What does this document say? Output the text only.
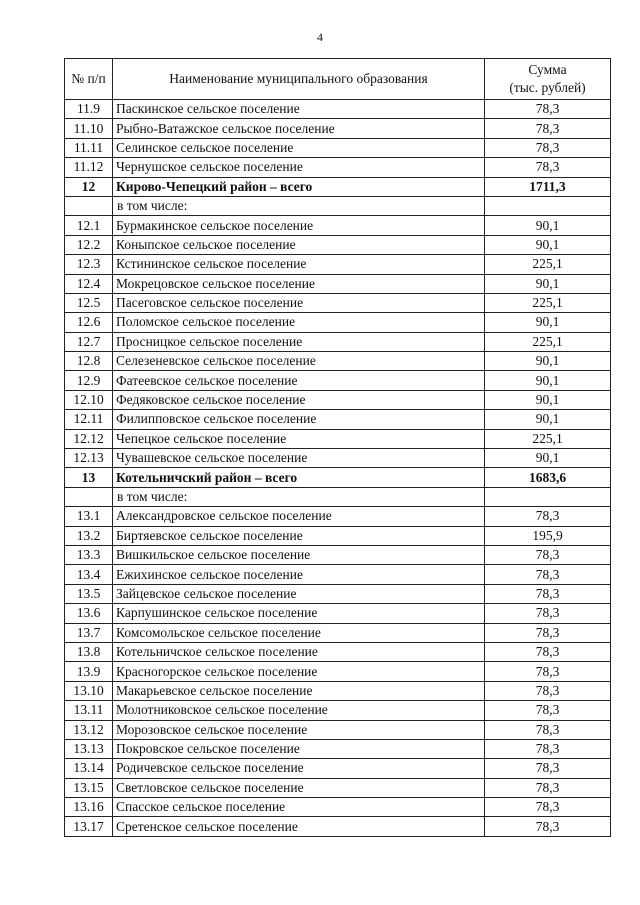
4
№ п/п	Наименование муниципального образования	Сумма
(тыс. рублей)
11.9	Паскинское сельское поселение	78,3
11.10	Рыбно-Ватажское сельское поселение	78,3
11.11	Селинское сельское поселение	78,3
11.12	Чернушское сельское поселение	78,3
12	Кирово-Чепецкий район – всего	1711,3
	в том числе:	
12.1	Бурмакинское сельское поселение	90,1
12.2	Коныпское сельское поселение	90,1
12.3	Кстининское сельское поселение	225,1
12.4	Мокрецовское сельское поселение	90,1
12.5	Пасеговское сельское поселение	225,1
12.6	Поломское сельское поселение	90,1
12.7	Просницкое сельское поселение	225,1
12.8	Селезеневское сельское поселение	90,1
12.9	Фатеевское сельское поселение	90,1
12.10	Федяковское сельское поселение	90,1
12.11	Филипповское сельское поселение	90,1
12.12	Чепецкое сельское поселение	225,1
12.13	Чувашевское сельское поселение	90,1
13	Котельничский район – всего	1683,6
	в том числе:	
13.1	Александровское сельское поселение	78,3
13.2	Биртяевское сельское поселение	195,9
13.3	Вишкильское сельское поселение	78,3
13.4	Ежихинское сельское поселение	78,3
13.5	Зайцевское сельское поселение	78,3
13.6	Карпушинское сельское поселение	78,3
13.7	Комсомольское сельское поселение	78,3
13.8	Котельничское сельское поселение	78,3
13.9	Красногорское сельское поселение	78,3
13.10	Макарьевское сельское поселение	78,3
13.11	Молотниковское сельское поселение	78,3
13.12	Морозовское сельское поселение	78,3
13.13	Покровское сельское поселение	78,3
13.14	Родичевское сельское поселение	78,3
13.15	Светловское сельское поселение	78,3
13.16	Спасское сельское поселение	78,3
13.17	Сретенское сельское поселение	78,3
